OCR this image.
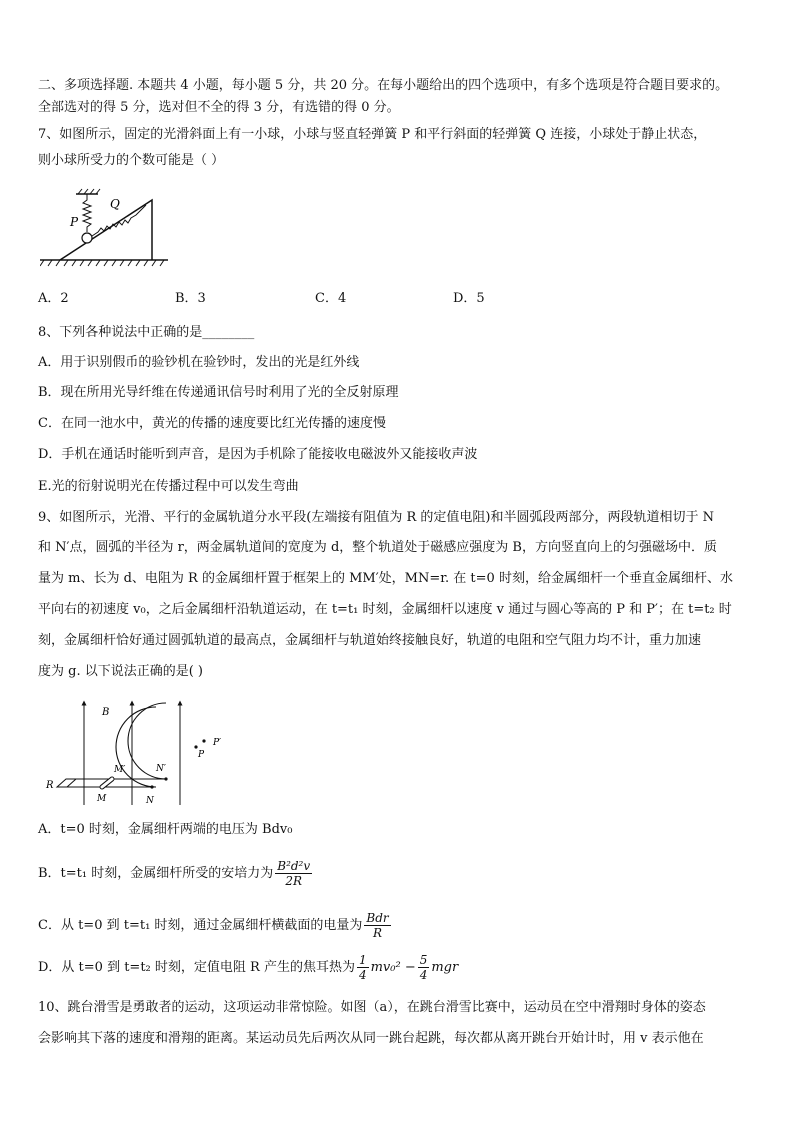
二、多项选择题. 本题共 4 小题，每小题 5 分，共 20 分。在每小题给出的四个选项中，有多个选项是符合题目要求的。
全部选对的得 5 分，选对但不全的得 3 分，有选错的得 0 分。
7、如图所示，固定的光滑斜面上有一小球，小球与竖直轻弹簧 P 和平行斜面的轻弹簧 Q 连接，小球处于静止状态，
则小球所受力的个数可能是（ ）
P
Q
A．2	B．3	C．4	D．5
8、下列各种说法中正确的是________
A．用于识别假币的验钞机在验钞时，发出的光是红外线
B．现在所用光导纤维在传递通讯信号时利用了光的全反射原理
C．在同一池水中，黄光的传播的速度要比红光传播的速度慢
D．手机在通话时能听到声音，是因为手机除了能接收电磁波外又能接收声波
E.光的衍射说明光在传播过程中可以发生弯曲
9、如图所示，光滑、平行的金属轨道分水平段(左端接有阻值为 R 的定值电阻)和半圆弧段两部分，两段轨道相切于 N
和 N′点，圆弧的半径为 r，两金属轨道间的宽度为 d，整个轨道处于磁感应强度为 B，方向竖直向上的匀强磁场中．质
量为 m、长为 d、电阻为 R 的金属细杆置于框架上的 MM′处，MN=r. 在 t=0 时刻，给金属细杆一个垂直金属细杆、水
平向右的初速度 v₀，之后金属细杆沿轨道运动，在 t=t₁ 时刻，金属细杆以速度 v 通过与圆心等高的 P 和 P′；在 t=t₂ 时
刻，金属细杆恰好通过圆弧轨道的最高点，金属细杆与轨道始终接触良好，轨道的电阻和空气阻力均不计，重力加速
度为 g. 以下说法正确的是( )
B
R
M′
M
N′
N
P
P′
A．t=0 时刻，金属细杆两端的电压为 Bdv₀
B．t=t₁ 时刻，金属细杆所受的安培力为 $\frac{\text{B²d²v}}{2R}$
C．从 t=0 到 t=t₁ 时刻，通过金属细杆横截面的电量为 $\frac{\text{Bdr}}{R}$
D．从 t=0 到 t=t₂ 时刻，定值电阻 R 产生的焦耳热为 $\frac{1}{4} mv_0^2 - \frac{5}{4}$ mgr
10、跳台滑雪是勇敢者的运动，这项运动非常惊险。如图（a），在跳台滑雪比赛中，运动员在空中滑翔时身体的姿态
会影响其下落的速度和滑翔的距离。某运动员先后两次从同一跳台起跳，每次都从离开跳台开始计时，用 v 表示他在
